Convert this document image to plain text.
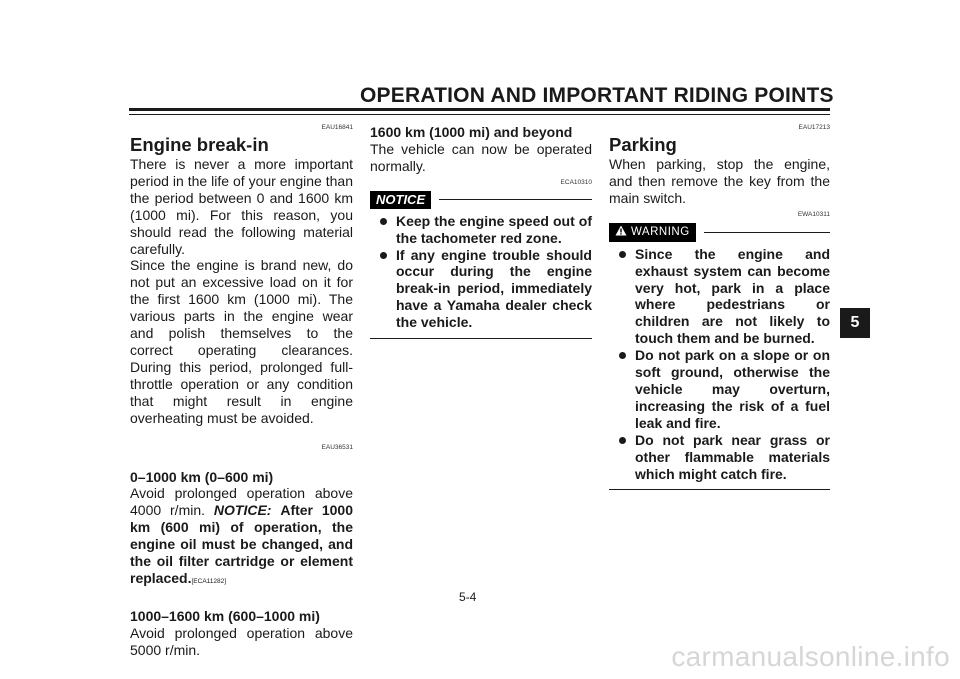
OPERATION AND IMPORTANT RIDING POINTS
5
EAU16841
Engine break-in
There is never a more important period in the life of your engine than the period between 0 and 1600 km (1000 mi). For this reason, you should read the following material carefully.
Since the engine is brand new, do not put an excessive load on it for the first 1600 km (1000 mi). The various parts in the engine wear and polish themselves to the correct operating clearances. During this period, prolonged full-throttle operation or any condition that might result in engine overheating must be avoided.
EAU36531
0–1000 km (0–600 mi)
Avoid prolonged operation above 4000 r/min. NOTICE: After 1000 km (600 mi) of operation, the engine oil must be changed, and the oil filter cartridge or element replaced.[ECA11282]
1000–1600 km (600–1000 mi)
Avoid prolonged operation above 5000 r/min.
1600 km (1000 mi) and beyond
The vehicle can now be operated normally.
ECA10310
NOTICE
Keep the engine speed out of the tachometer red zone.
If any engine trouble should occur during the engine break-in period, immediately have a Yamaha dealer check the vehicle.
EAU17213
Parking
When parking, stop the engine, and then remove the key from the main switch.
EWA10311
WARNING
Since the engine and exhaust system can become very hot, park in a place where pedestrians or children are not likely to touch them and be burned.
Do not park on a slope or on soft ground, otherwise the vehicle may overturn, increasing the risk of a fuel leak and fire.
Do not park near grass or other flammable materials which might catch fire.
5-4
carmanualsonline.info
